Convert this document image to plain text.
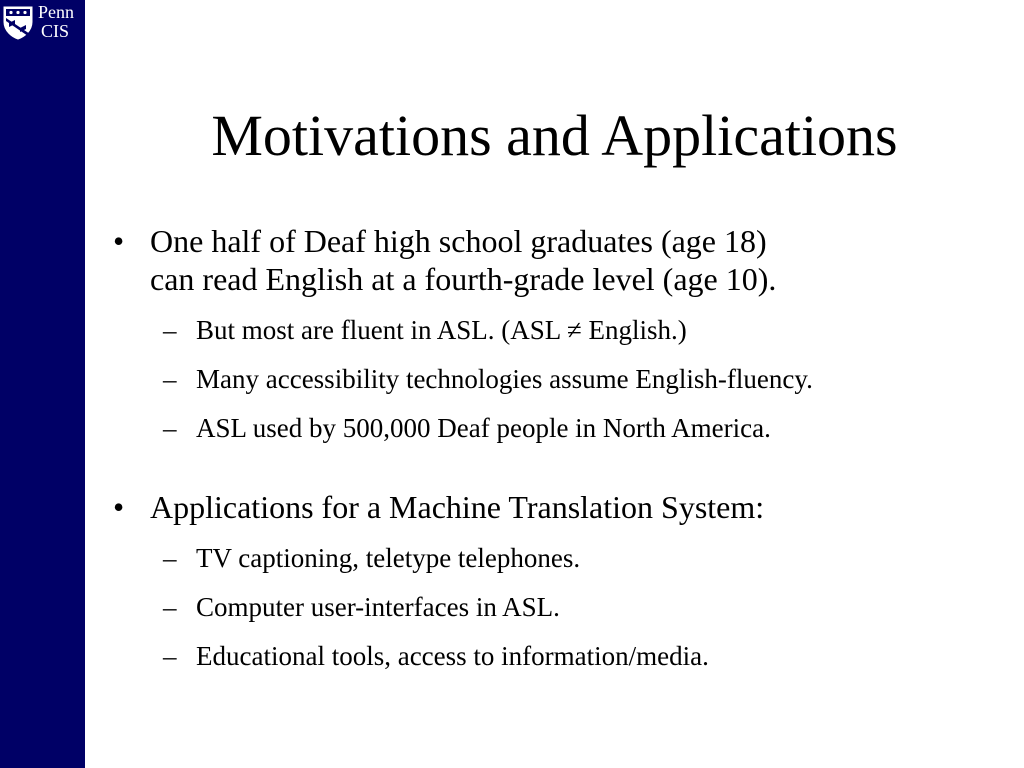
Penn
CIS
Motivations and Applications
• One half of Deaf high school graduates (age 18)
can read English at a fourth-grade level (age 10).
– But most are fluent in ASL. (ASL ≠ English.)
– Many accessibility technologies assume English-fluency.
– ASL used by 500,000 Deaf people in North America.
• Applications for a Machine Translation System:
– TV captioning, teletype telephones.
– Computer user-interfaces in ASL.
– Educational tools, access to information/media.
